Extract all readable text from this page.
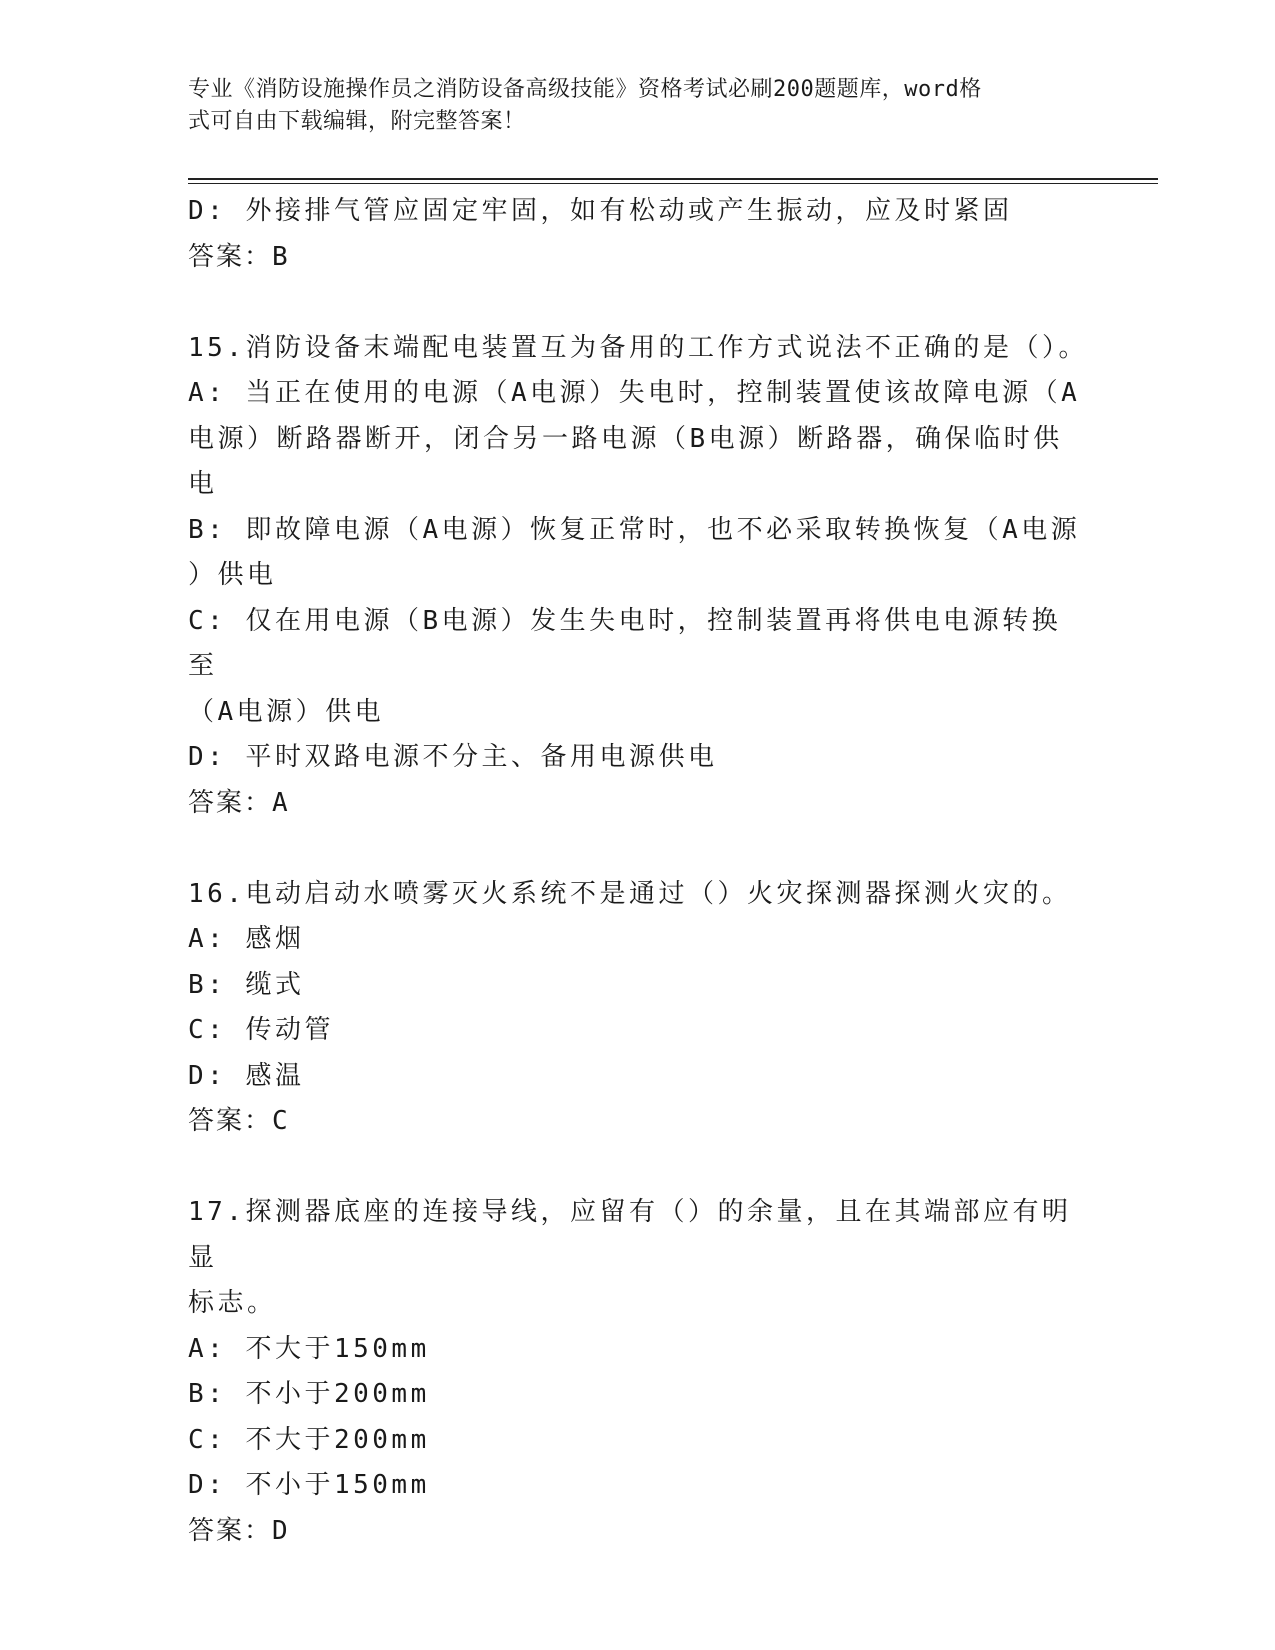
专业《消防设施操作员之消防设备高级技能》资格考试必刷200题题库，word格
式可自由下载编辑，附完整答案！
D: 外接排气管应固定牢固，如有松动或产生振动，应及时紧固
答案：B
15.消防设备末端配电装置互为备用的工作方式说法不正确的是（）。
A: 当正在使用的电源（A电源）失电时，控制装置使该故障电源（A
电源）断路器断开，闭合另一路电源（B电源）断路器，确保临时供电
B: 即故障电源（A电源）恢复正常时，也不必采取转换恢复（A电源
）供电
C: 仅在用电源（B电源）发生失电时，控制装置再将供电电源转换至
（A电源）供电
D: 平时双路电源不分主、备用电源供电
答案：A
16.电动启动水喷雾灭火系统不是通过（）火灾探测器探测火灾的。
A: 感烟
B: 缆式
C: 传动管
D: 感温
答案：C
17.探测器底座的连接导线，应留有（）的余量，且在其端部应有明显
标志。
A: 不大于150mm
B: 不小于200mm
C: 不大于200mm
D: 不小于150mm
答案：D
